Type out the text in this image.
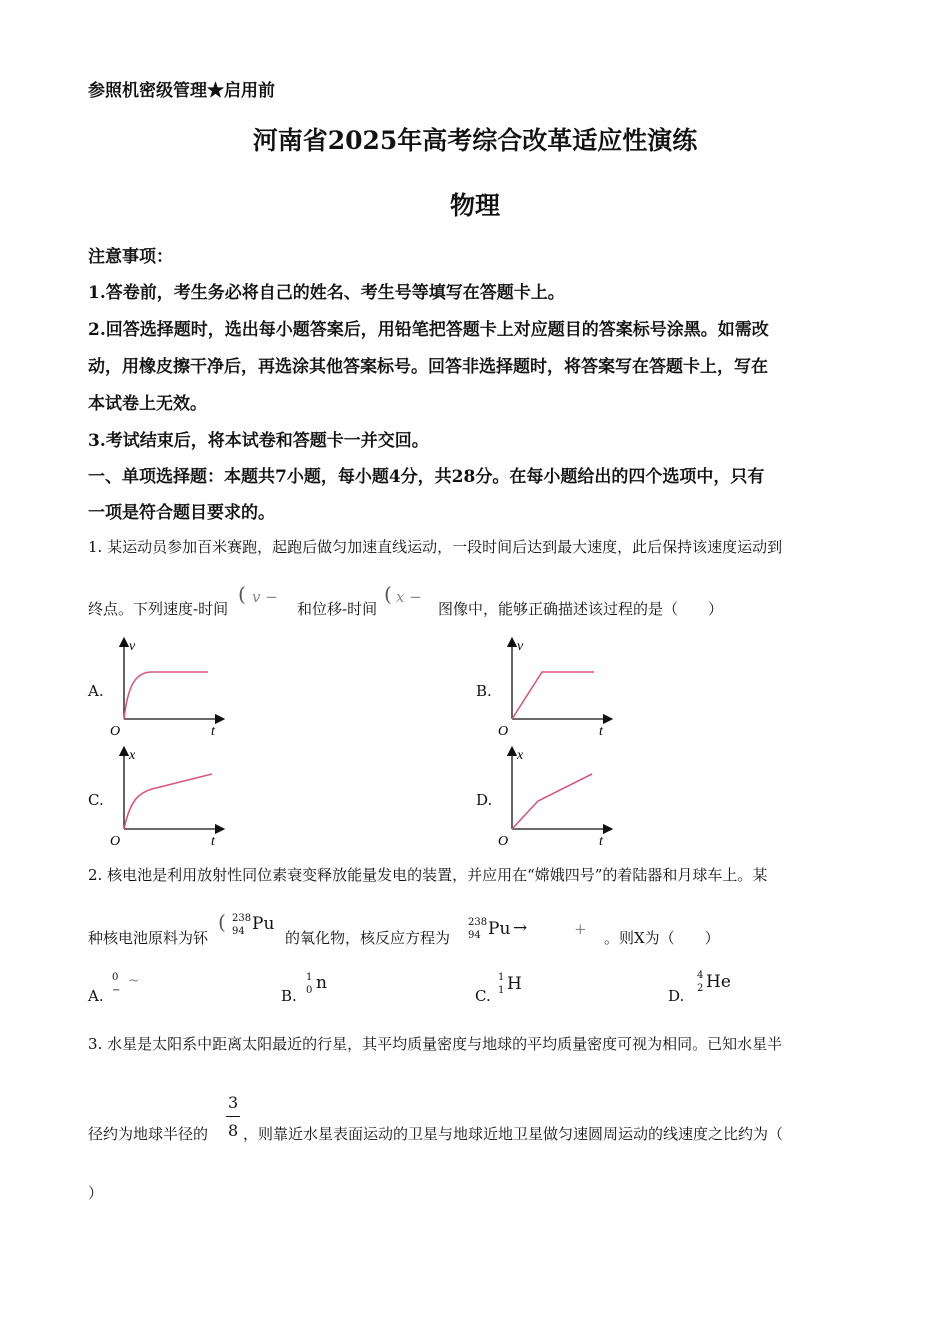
参照机密级管理★启用前
河南省2025年高考综合改革适应性演练
物理
注意事项：
1.答卷前，考生务必将自己的姓名、考生号等填写在答题卡上。
2.回答选择题时，选出每小题答案后，用铅笔把答题卡上对应题目的答案标号涂黑。如需改
动，用橡皮擦干净后，再选涂其他答案标号。回答非选择题时，将答案写在答题卡上，写在
本试卷上无效。
3.考试结束后，将本试卷和答题卡一并交回。
一、单项选择题：本题共7小题，每小题4分，共28分。在每小题给出的四个选项中，只有
一项是符合题目要求的。
1. 某运动员参加百米赛跑，起跑后做匀加速直线运动，一段时间后达到最大速度，此后保持该速度运动到
终点。下列速度-时间
( v −
和位移-时间
( x −
图像中，能够正确描述该过程的是（　　）
A.	B.
C.	D.
v
O	t
v
O	t
x
O	t
x
O	t
2. 核电池是利用放射性同位素衰变释放能量发电的装置，并应用在“嫦娥四号”的着陆器和月球车上。某
种核电池原料为钚
( 238
94 Pu
的氧化物，核反应方程为
238
94 Pu →	+ 。则X为（　　）
A.
0
−
~
B.
1
0 n
C.
1
1 H
D.
4
2 He
3. 水星是太阳系中距离太阳最近的行星，其平均质量密度与地球的平均质量密度可视为相同。已知水星半
3
8
径约为地球半径的 ，则靠近水星表面运动的卫星与地球近地卫星做匀速圆周运动的线速度之比约为（
）
